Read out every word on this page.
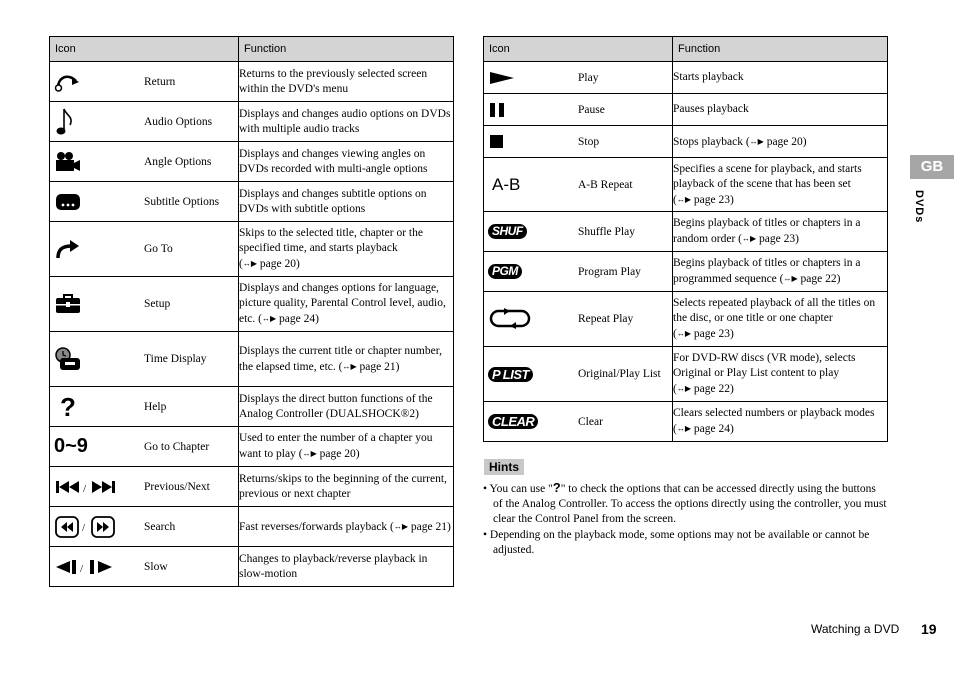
Icon	Function

Return	Returns to the previously selected screen within the DVD's menu

Audio Options	Displays and changes audio options on DVDs with multiple audio tracks

Angle Options	Displays and changes viewing angles on DVDs recorded with multi-angle options

Subtitle Options	Displays and changes subtitle options on DVDs with subtitle options

Go To	Skips to the selected title, chapter or the specified time, and starts playback (↔▶ page 20)

Setup	Displays and changes options for language, picture quality, Parental Control level, audio, etc. (↔▶ page 24)

Time Display	Displays the current title or chapter number, the elapsed time, etc. (↔▶ page 21)

? Help	Displays the direct button functions of the Analog Controller (DUALSHOCK®2)

0~9 Go to Chapter	Used to enter the number of a chapter you want to play (↔▶ page 20)

/ Previous/Next	Returns/skips to the beginning of the current, previous or next chapter

/ Search	Fast reverses/forwards playback (↔▶ page 21)

/ Slow	Changes to playback/reverse playback in slow-motion
Icon	Function

Play	Starts playback

Pause	Pauses playback

Stop	Stops playback (↔▶ page 20)

A-B A-B Repeat	Specifies a scene for playback, and starts playback of the scene that has been set (↔▶ page 23)

SHUF Shuffle Play	Begins playback of titles or chapters in a random order (↔▶ page 23)

PGM Program Play	Begins playback of titles or chapters in a programmed sequence (↔▶ page 22)

Repeat Play	Selects repeated playback of all the titles on the disc, or one title or one chapter (↔▶ page 23)

P LIST Original/Play List	For DVD-RW discs (VR mode), selects Original or Play List content to play (↔▶ page 22)

CLEAR Clear	Clears selected numbers or playback modes (↔▶ page 24)
Hints
• You can use "?" to check the options that can be accessed directly using the buttons of the Analog Controller. To access the options directly using the controller, you must clear the Control Panel from the screen.
• Depending on the playback mode, some options may not be available or cannot be adjusted.
GB
DVDs
Watching a DVD 19
